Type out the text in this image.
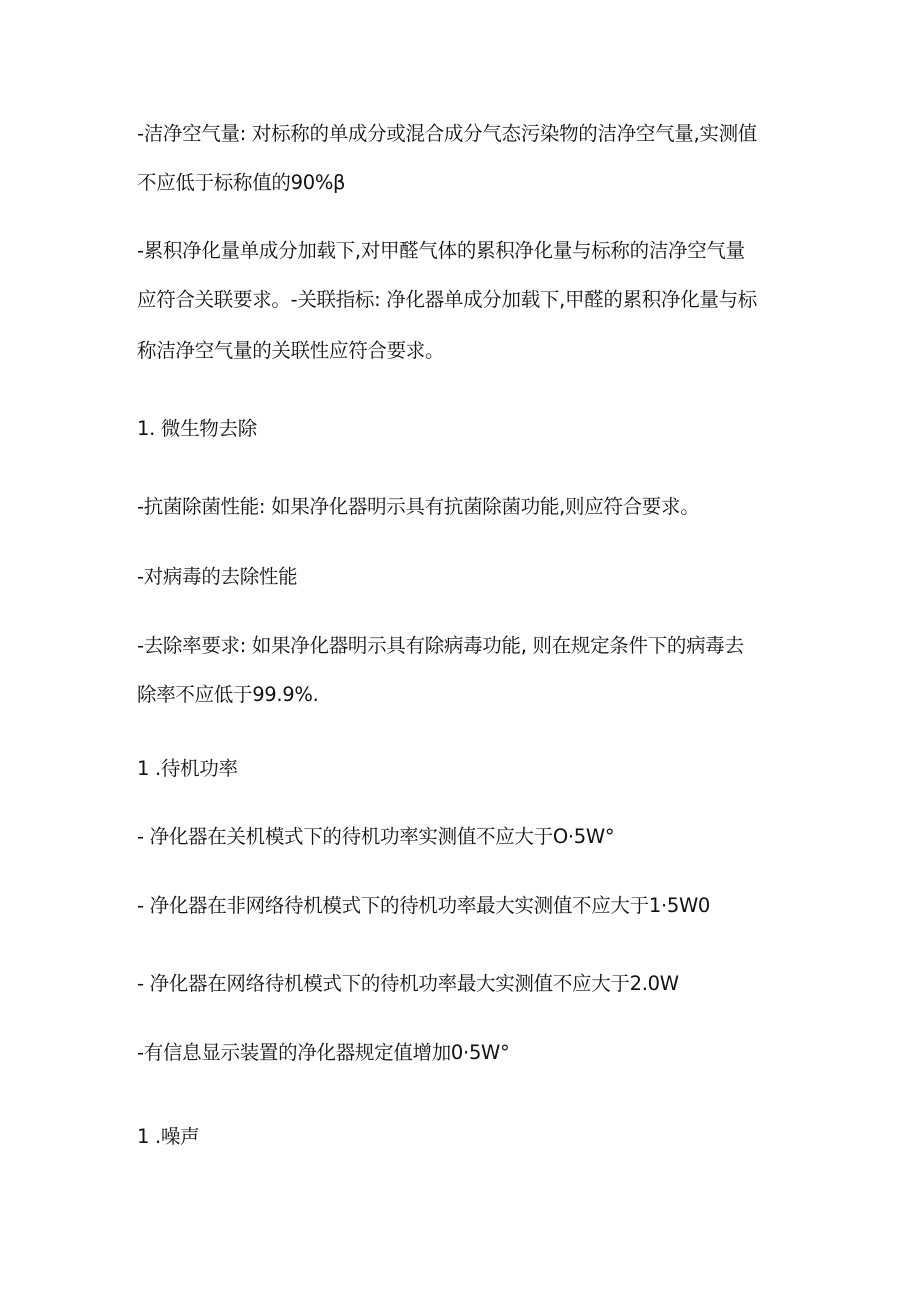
-洁净空气量: 对标称的单成分或混合成分气态污染物的洁净空气量,实测值

不应低于标称值的90%β

-累积净化量单成分加载下,对甲醛气体的累积净化量与标称的洁净空气量

应符合关联要求。-关联指标: 净化器单成分加载下,甲醛的累积净化量与标

称洁净空气量的关联性应符合要求。

1. 微生物去除

-抗菌除菌性能: 如果净化器明示具有抗菌除菌功能,则应符合要求。

-对病毒的去除性能

-去除率要求: 如果净化器明示具有除病毒功能, 则在规定条件下的病毒去

除率不应低于99.9%.

1 .待机功率

- 净化器在关机模式下的待机功率实测值不应大于O·5W°

- 净化器在非网络待机模式下的待机功率最大实测值不应大于1·5W0

- 净化器在网络待机模式下的待机功率最大实测值不应大于2.0W

-有信息显示装置的净化器规定值增加0·5W°

1 .噪声
